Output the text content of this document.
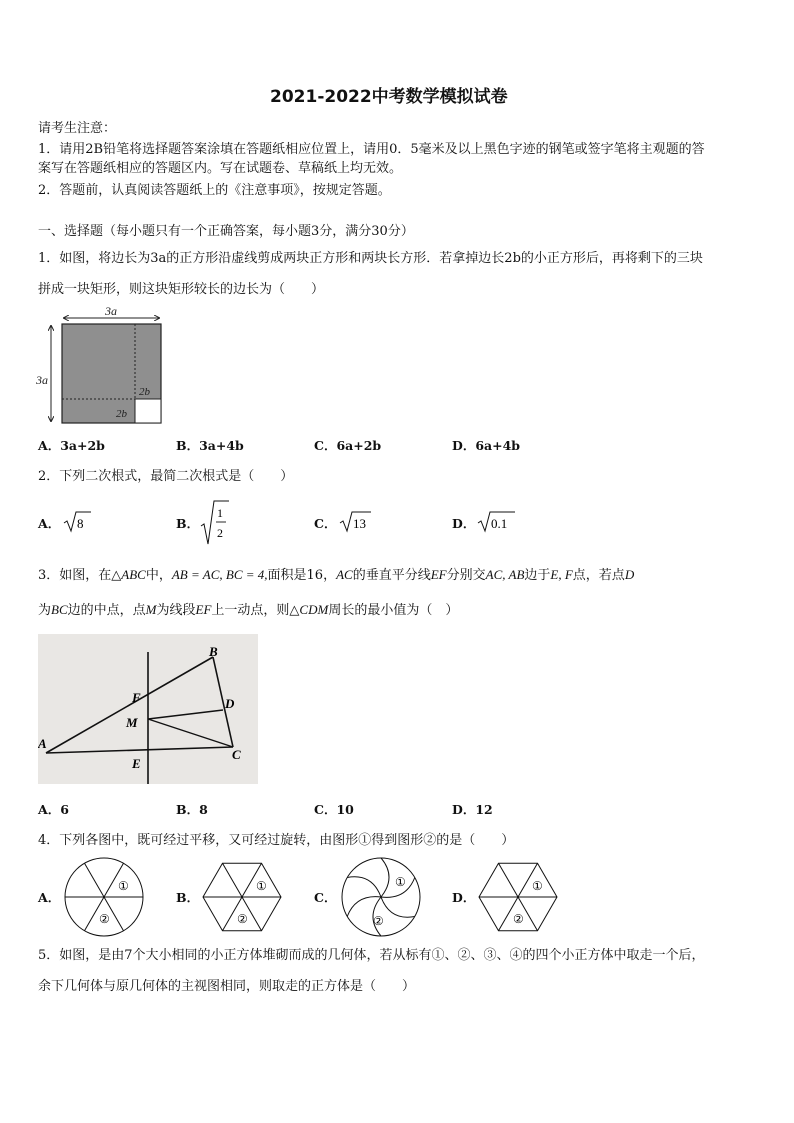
2021-2022中考数学模拟试卷
请考生注意：
1．请用2B铅笔将选择题答案涂填在答题纸相应位置上，请用0．5毫米及以上黑色字迹的钢笔或签字笔将主观题的答
案写在答题纸相应的答题区内。写在试题卷、草稿纸上均无效。
2．答题前，认真阅读答题纸上的《注意事项》，按规定答题。
一、选择题（每小题只有一个正确答案，每小题3分，满分30分）
1．如图，将边长为3a的正方形沿虚线剪成两块正方形和两块长方形．若拿掉边长2b的小正方形后，再将剩下的三块
拼成一块矩形，则这块矩形较长的边长为（　　）
3a
3a
2b
2b
A．3a+2b	B．3a+4b	C．6a+2b	D．6a+4b
2．下列二次根式，最简二次根式是（　　）
A． 8	B．
1
2
C． 13	D． 0.1
3．如图，在△ABC中，AB = AC, BC = 4,面积是16，AC的垂直平分线EF分别交AC, AB边于E, F点，若点D
为BC边的中点，点M为线段EF上一动点，则△CDM周长的最小值为（　）
B
F	D
M
A
C
E
A．6	B．8	C．10	D．12
4．下列各图中，既可经过平移，又可经过旋转，由图形①得到图形②的是（　　）
A．
①
②
B．
①
②
C．
①
②
D．
①
②
5．如图，是由7个大小相同的小正方体堆砌而成的几何体，若从标有①、②、③、④的四个小正方体中取走一个后，
余下几何体与原几何体的主视图相同，则取走的正方体是（　　）
